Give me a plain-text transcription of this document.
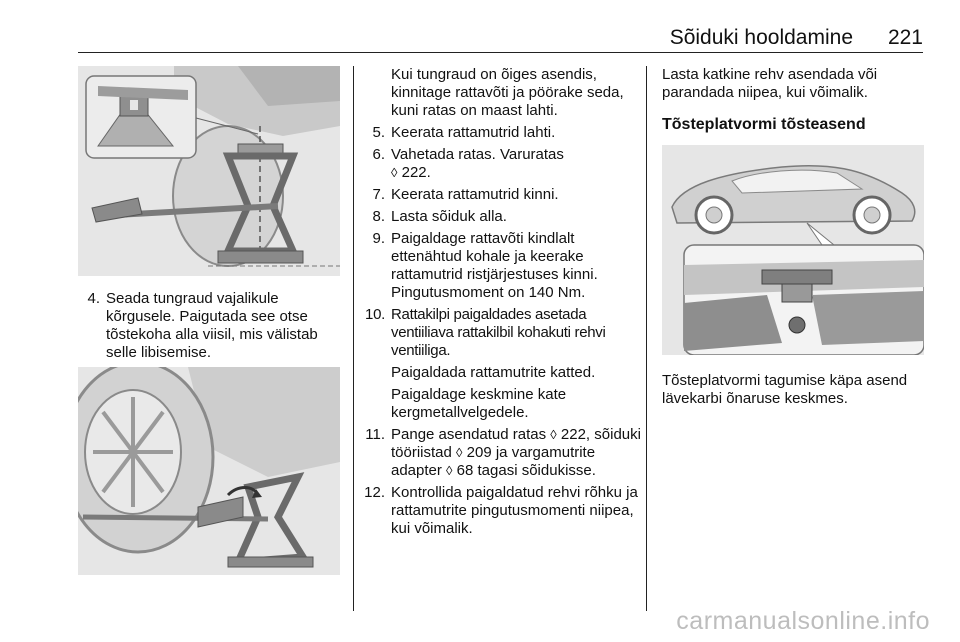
Sõiduki hooldamine 221
4. Seada tungraud vajalikule kõrgusele. Paigutada see otse tõstekoha alla viisil, mis välistab selle libisemise.
Kui tungraud on õiges asendis, kinnitage rattavõti ja pöörake seda, kuni ratas on maast lahti.
5. Keerata rattamutrid lahti.
6. Vahetada ratas. Varuratas
◊ 222.
7. Keerata rattamutrid kinni.
8. Lasta sõiduk alla.
9. Paigaldage rattavõti kindlalt ettenähtud kohale ja keerake rattamutrid ristjärjestuses kinni. Pingutusmoment on 140 Nm.
10. Rattakilpi paigaldades asetada ventiiliava rattakilbil kohakuti rehvi ventiiliga.
Paigaldada rattamutrite katted.
Paigaldage keskmine kate kergmetallvelgedele.
11. Pange asendatud ratas ◊ 222, sõiduki tööriistad ◊ 209 ja vargamutrite adapter ◊ 68 tagasi sõidukisse.
12. Kontrollida paigaldatud rehvi rõhku ja rattamutrite pingutusmomenti niipea, kui võimalik.
Lasta katkine rehv asendada või parandada niipea, kui võimalik.
Tõsteplatvormi tõsteasend
Tõsteplatvormi tagumise käpa asend lävekarbi õnaruse keskmes.
carmanualsonline.info
